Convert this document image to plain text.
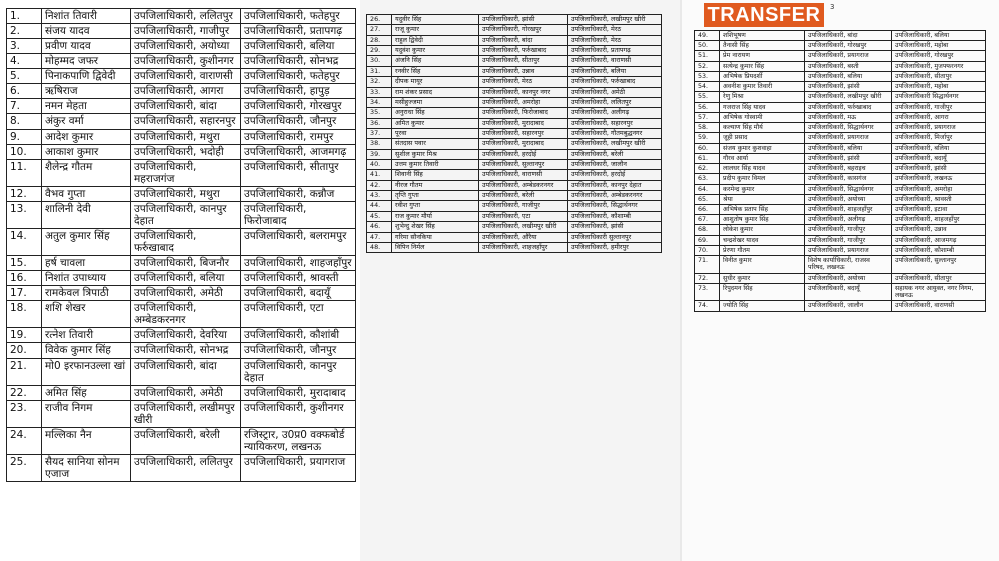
1.	निशांत तिवारी	उपजिलाधिकारी, ललितपुर	उपजिलाधिकारी, फतेहपुर
2.	संजय यादव	उपजिलाधिकारी, गाजीपुर	उपजिलाधिकारी, प्रतापगढ़
3.	प्रवीण यादव	उपजिलाधिकारी, अयोध्या	उपजिलाधिकारी, बलिया
4.	मोहम्मद जफर	उपजिलाधिकारी, कुशीनगर	उपजिलाधिकारी, सोनभद्र
5.	पिनाकपाणि द्विवेदी	उपजिलाधिकारी, वाराणसी	उपजिलाधिकारी, फतेहपुर
6.	ऋषिराज	उपजिलाधिकारी, आगरा	उपजिलाधिकारी, हापुड़
7.	नमन मेहता	उपजिलाधिकारी, बांदा	उपजिलाधिकारी, गोरखपुर
8.	अंकुर वर्मा	उपजिलाधिकारी, सहारनपुर	उपजिलाधिकारी, जौनपुर
9.	आदेश कुमार	उपजिलाधिकारी, मथुरा	उपजिलाधिकारी, रामपुर
10.	आकाश कुमार	उपजिलाधिकारी, भदोही	उपजिलाधिकारी, आजमगढ़
11.	शैलेन्द्र गौतम	उपजिलाधिकारी, महराजगंज	उपजिलाधिकारी, सीतापुर
12.	वैभव गुप्ता	उपजिलाधिकारी, मथुरा	उपजिलाधिकारी, कन्नौज
13.	शालिनी देवी	उपजिलाधिकारी, कानपुर देहात	उपजिलाधिकारी, फिरोजाबाद
14.	अतुल कुमार सिंह	उपजिलाधिकारी, फर्रुखाबाद	उपजिलाधिकारी, बलरामपुर
15.	हर्ष चावला	उपजिलाधिकारी, बिजनौर	उपजिलाधिकारी, शाहजहाँपुर
16.	निशांत उपाध्याय	उपजिलाधिकारी, बलिया	उपजिलाधिकारी, श्रावस्ती
17.	रामकेवल त्रिपाठी	उपजिलाधिकारी, अमेठी	उपजिलाधिकारी, बदायूँ
18.	शशि शेखर	उपजिलाधिकारी, अम्बेडकरनगर	उपजिलाधिकारी, एटा
19.	रत्नेश तिवारी	उपजिलाधिकारी, देवरिया	उपजिलाधिकारी, कौशांबी
20.	विवेक कुमार सिंह	उपजिलाधिकारी, सोनभद्र	उपजिलाधिकारी, जौनपुर
21.	मो0 इरफानउल्ला खां	उपजिलाधिकारी, बांदा	उपजिलाधिकारी, कानपुर देहात
22.	अमित सिंह	उपजिलाधिकारी, अमेठी	उपजिलाधिकारी, मुरादाबाद
23.	राजीव निगम	उपजिलाधिकारी, लखीमपुर खीरी	उपजिलाधिकारी, कुशीनगर
24.	मल्लिका नैन	उपजिलाधिकारी, बरेली	रजिस्ट्रार, उ0प्र0 वक्फबोर्ड न्यायिकरण, लखनऊ
25.	सैयद सानिया सोनम एजाज	उपजिलाधिकारी, ललितपुर	उपजिलाधिकारी, प्रयागराज
26.	यदुवीर सिंह	उपजिलाधिकारी, झांसी	उपजिलाधिकारी, लखीमपुर खीरी
27.	राजू कुमार	उपजिलाधिकारी, गोरखपुर	उपजिलाधिकारी, मेरठ
28.	राहुल द्विवेदी	उपजिलाधिकारी, बांदा	उपजिलाधिकारी, मेरठ
29.	यदुवंश कुमार	उपजिलाधिकारी, फर्रुखाबाद	उपजिलाधिकारी, प्रतापगढ़
30.	अंजनि सिंह	उपजिलाधिकारी, सीतापुर	उपजिलाधिकारी, वाराणसी
31.	रनवीर सिंह	उपजिलाधिकारी, उन्नाव	उपजिलाधिकारी, बलिया
32.	दीपक मायूर	उपजिलाधिकारी, मेरठ	उपजिलाधिकारी, फर्रुखाबाद
33.	राम शंकर प्रसाद	उपजिलाधिकारी, कानपुर नगर	उपजिलाधिकारी, अमेठी
34.	मसीहुज्जमा	उपजिलाधिकारी, अमरोहा	उपजिलाधिकारी, ललितपुर
35.	अनुराधा सिंह	उपजिलाधिकारी, फिरोजाबाद	उपजिलाधिकारी, अलीगढ़
36.	अमित कुमार	उपजिलाधिकारी, मुरादाबाद	उपजिलाधिकारी, सहारनपुर
37.	पूरवा	उपजिलाधिकारी, सहारनपुर	उपजिलाधिकारी, गौतमबुद्धनगर
38.	संतदास पवार	उपजिलाधिकारी, मुरादाबाद	उपजिलाधिकारी, लखीमपुर खीरी
39.	सुशील कुमार मिश्र	उपजिलाधिकारी, हरदोई	उपजिलाधिकारी, बरेली
40.	उत्तम कुमार तिवारी	उपजिलाधिकारी, सुल्तानपुर	उपजिलाधिकारी, जालौन
41.	शिवानी सिंह	उपजिलाधिकारी, वाराणसी	उपजिलाधिकारी, हरदोई
42.	नीरज गौतम	उपजिलाधिकारी, अम्बेडकरनगर	उपजिलाधिकारी, कानपुर देहात
43.	तृप्ति गुप्ता	उपजिलाधिकारी, बरेली	उपजिलाधिकारी, अम्बेडकरनगर
44.	रवीश गुप्ता	उपजिलाधिकारी, गाजीपुर	उपजिलाधिकारी, सिद्धार्थनगर
45.	राज कुमार मौर्या	उपजिलाधिकारी, एटा	उपजिलाधिकारी, कौशाम्बी
46.	शुभेन्दु शेखर सिंह	उपजिलाधिकारी, लखीमपुर खीरी	उपजिलाधिकारी, झांसी
47.	गरिमा सौनकिया	उपजिलाधिकारी, औरैया	उपजिलाधिकारी सुल्तानपुर
48.	विपिन निर्मल	उपजिलाधिकारी, शाहजहाँपुर	उपजिलाधिकारी, हमीरपुर
TRANSFER	3
49.	शशिभूषण	उपजिलाधिकारी, बांदा	उपजिलाधिकारी, बलिया
50.	तैनासी सिंह	उपजिलाधिकारी, गोरखपुर	उपजिलाधिकारी, महोबा
51.	प्रेम नारायण	उपजिलाधिकारी, प्रयागराज	उपजिलाधिकारी, गोरखपुर
52.	सत्येन्द्र कुमार सिंह	उपजिलाधिकारी, बस्ती	उपजिलाधिकारी, मुजफ्फरनगर
53.	अभिषेक प्रियदर्शी	उपजिलाधिकारी, बलिया	उपजिलाधिकारी, सीतापुर
54.	अवनीश कुमार तिवारी	उपजिलाधिकारी, झांसी	उपजिलाधिकारी, महोबा
55.	रेणु मिश्रा	उपजिलाधिकारी, लखीमपुर खीरी	उपजिलाधिकारी सिद्धार्थनगर
56.	गजराज सिंह यादव	उपजिलाधिकारी, फर्रुखाबाद	उपजिलाधिकारी, गाजीपुर
57.	अभिषेक गोस्वामी	उपजिलाधिकारी, मऊ	उपजिलाधिकारी, आगरा
58.	कल्याण सिंह मौर्य	उपजिलाधिकारी, सिद्धार्थनगर	उपजिलाधिकारी, प्रयागराज
59.	जूही प्रसाद	उपजिलाधिकारी, प्रयागराज	उपजिलाधिकारी, मिर्जापुर
60.	संजय कुमार कुशवाहा	उपजिलाधिकारी, बलिया	उपजिलाधिकारी, बलिया
61.	गौरव आर्या	उपजिलाधिकारी, झांसी	उपजिलाधिकारी, बदायूँ
62.	लालधर सिंह यादव	उपजिलाधिकारी, बहराइच	उपजिलाधिकारी, झांसी
63.	प्रदीप कुमार विमल	उपजिलाधिकारी, कासगंज	उपजिलाधिकारी, लखनऊ
64.	करमेन्द्र कुमार	उपजिलाधिकारी, सिद्धार्थनगर	उपजिलाधिकारी, अमरोहा
65.	श्रेया	उपजिलाधिकारी, अयोध्या	उपजिलाधिकारी, श्रावस्ती
66.	अभिषेक प्रताप सिंह	उपजिलाधिकारी, शाहजहाँपुर	उपजिलाधिकारी, इटावा
67.	आशुतोष कुमार सिंह	उपजिलाधिकारी, अलीगढ़	उपजिलाधिकारी, शाहजहाँपुर
68.	लोकेश कुमार	उपजिलाधिकारी, गाजीपुर	उपजिलाधिकारी, उन्नाव
69.	चन्द्रशेखर यादव	उपजिलाधिकारी, गाजीपुर	उपजिलाधिकारी, आजमगढ़
70.	प्रेरणा गौतम	उपजिलाधिकारी, प्रयागराज	उपजिलाधिकारी, कौशाम्बी
71.	विनीत कुमार	विशेष कार्याधिकारी, राजस्व परिषद, लखनऊ	उपजिलाधिकारी, सुल्तानपुर
72.	सुधीर कुमार	उपजिलाधिकारी, अयोध्या	उपजिलाधिकारी, सीतापुर
73.	रिपुदमन सिंह	उपजिलाधिकारी, बदायूँ	सहायक नगर आयुक्त, नगर निगम, लखनऊ
74.	ज्योति सिंह	उपजिलाधिकारी, जालौन	उपजिलाधिकारी, वाराणसी
